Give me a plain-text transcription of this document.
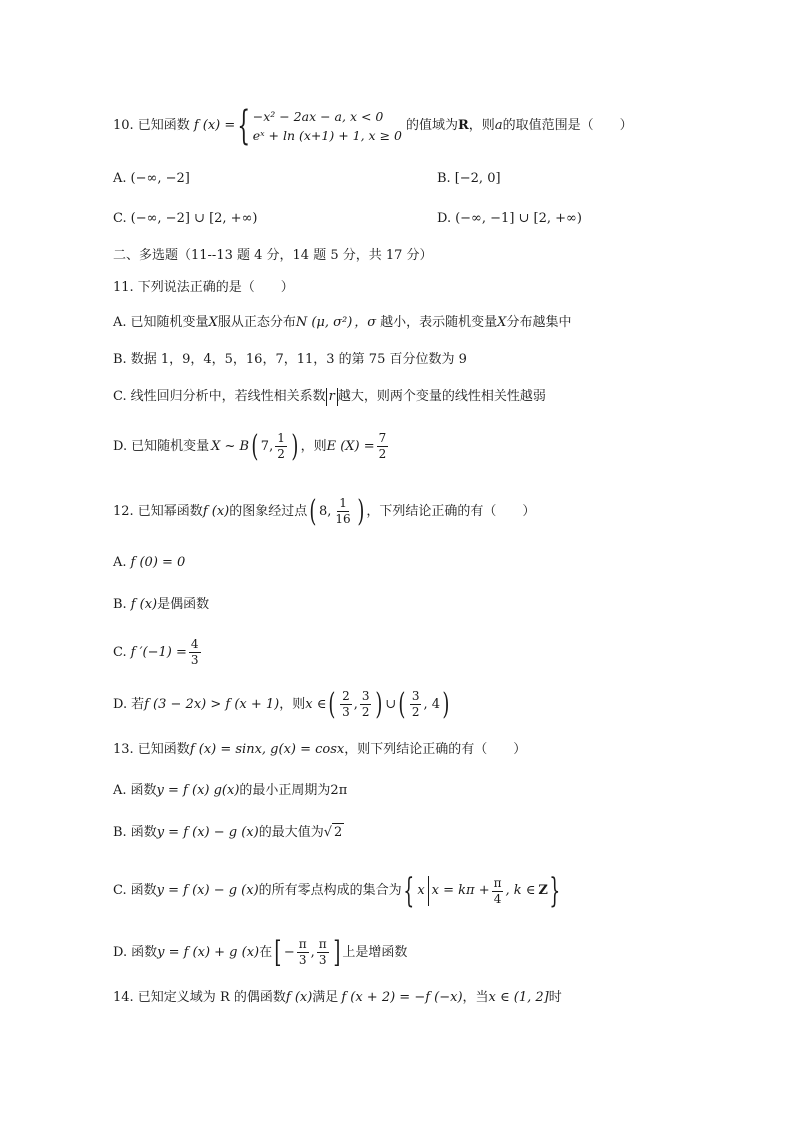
10. 已知函数 f (x) = { −x² − 2ax − a, x < 0
eˣ + ln (x+1) + 1, x ≥ 0
的值域为 R ，则 a 的取值范围是（　　）
A. (−∞, −2]	B. [−2, 0]
C. (−∞, −2] ∪ [2, +∞)	D. (−∞, −1] ∪ [2, +∞)
二、多选题（11--13 题 4 分，14 题 5 分，共 17 分）
11. 下列说法正确的是（　　）
A. 已知随机变量 X 服从正态分布 N (μ, σ²) ，σ 越小，表示随机变量 X 分布越集中
B. 数据 1，9，4，5，16，7，11，3 的第 75 百分位数为 9
C. 线性回归分析中，若线性相关系数 r 越大，则两个变量的线性相关性越弱
D. 已知随机变量 X ~ B ( 7, $\frac{1}{2}$ ) ，则 E $(X) = \frac{7}{2}$
12. 已知幂函数 f (x) 的图象经过点 ( 8, $\frac{1}{16}$ ) ，下列结论正确的有（　　）
A. f (0) = 0
B. f (x) 是偶函数
C. f $'(-1) = \frac{4}{3}$
D. 若 f (3 − 2x) > f (x + 1) ，则 x ∈ ( $\frac{2}{3}$ , $\frac{3}{2}$ ) ∪ ( $\frac{3}{2}$ , 4 )
13. 已知函数 f (x) = sinx, g(x) = cosx ，则下列结论正确的有（　　）
A. 函数 y = f (x) g(x) 的最小正周期为 2π
B. 函数 y = f (x) − g (x) 的最大值为 √ 2
C. 函数 y = f (x) − g (x) 的所有零点构成的集合为 { x $x = k\pi + \frac{\pi}{4}$ , k ∈ Z }
D. 函数 y = f (x) + g (x) 在 [ − $\frac{\pi}{3}$ , $\frac{\pi}{3}$ ] 上是增函数
14. 已知定义域为 R 的偶函数 f (x) 满足 f (x + 2) = −f (−x) ，当 x ∈ (1, 2] 时
